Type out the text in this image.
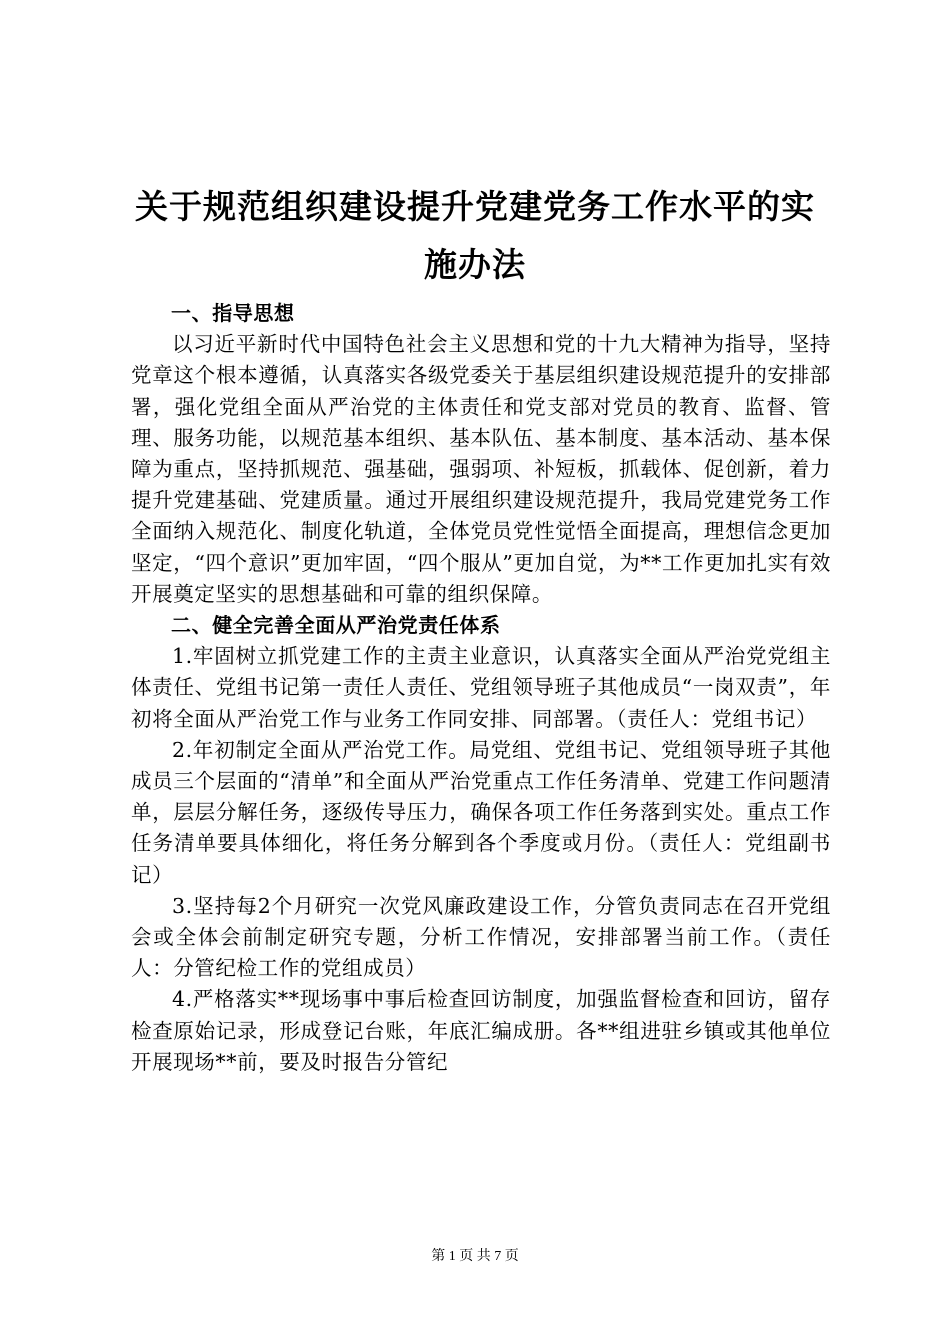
关于规范组织建设提升党建党务工作水平的实施办法

一、指导思想

以习近平新时代中国特色社会主义思想和党的十九大精神为指导，坚持党章这个根本遵循，认真落实各级党委关于基层组织建设规范提升的安排部署，强化党组全面从严治党的主体责任和党支部对党员的教育、监督、管理、服务功能，以规范基本组织、基本队伍、基本制度、基本活动、基本保障为重点，坚持抓规范、强基础，强弱项、补短板，抓载体、促创新，着力提升党建基础、党建质量。通过开展组织建设规范提升，我局党建党务工作全面纳入规范化、制度化轨道，全体党员党性觉悟全面提高，理想信念更加坚定，“四个意识”更加牢固，“四个服从”更加自觉，为**工作更加扎实有效开展奠定坚实的思想基础和可靠的组织保障。

二、健全完善全面从严治党责任体系

1.牢固树立抓党建工作的主责主业意识，认真落实全面从严治党党组主体责任、党组书记第一责任人责任、党组领导班子其他成员“一岗双责”，年初将全面从严治党工作与业务工作同安排、同部署。（责任人：党组书记）

2.年初制定全面从严治党工作。局党组、党组书记、党组领导班子其他成员三个层面的“清单”和全面从严治党重点工作任务清单、党建工作问题清单，层层分解任务，逐级传导压力，确保各项工作任务落到实处。重点工作任务清单要具体细化，将任务分解到各个季度或月份。（责任人：党组副书记）

3.坚持每2个月研究一次党风廉政建设工作，分管负责同志在召开党组会或全体会前制定研究专题，分析工作情况，安排部署当前工作。（责任人：分管纪检工作的党组成员）

4.严格落实**现场事中事后检查回访制度，加强监督检查和回访，留存检查原始记录，形成登记台账，年底汇编成册。各**组进驻乡镇或其他单位开展现场**前，要及时报告分管纪

第 1 页 共 7 页
